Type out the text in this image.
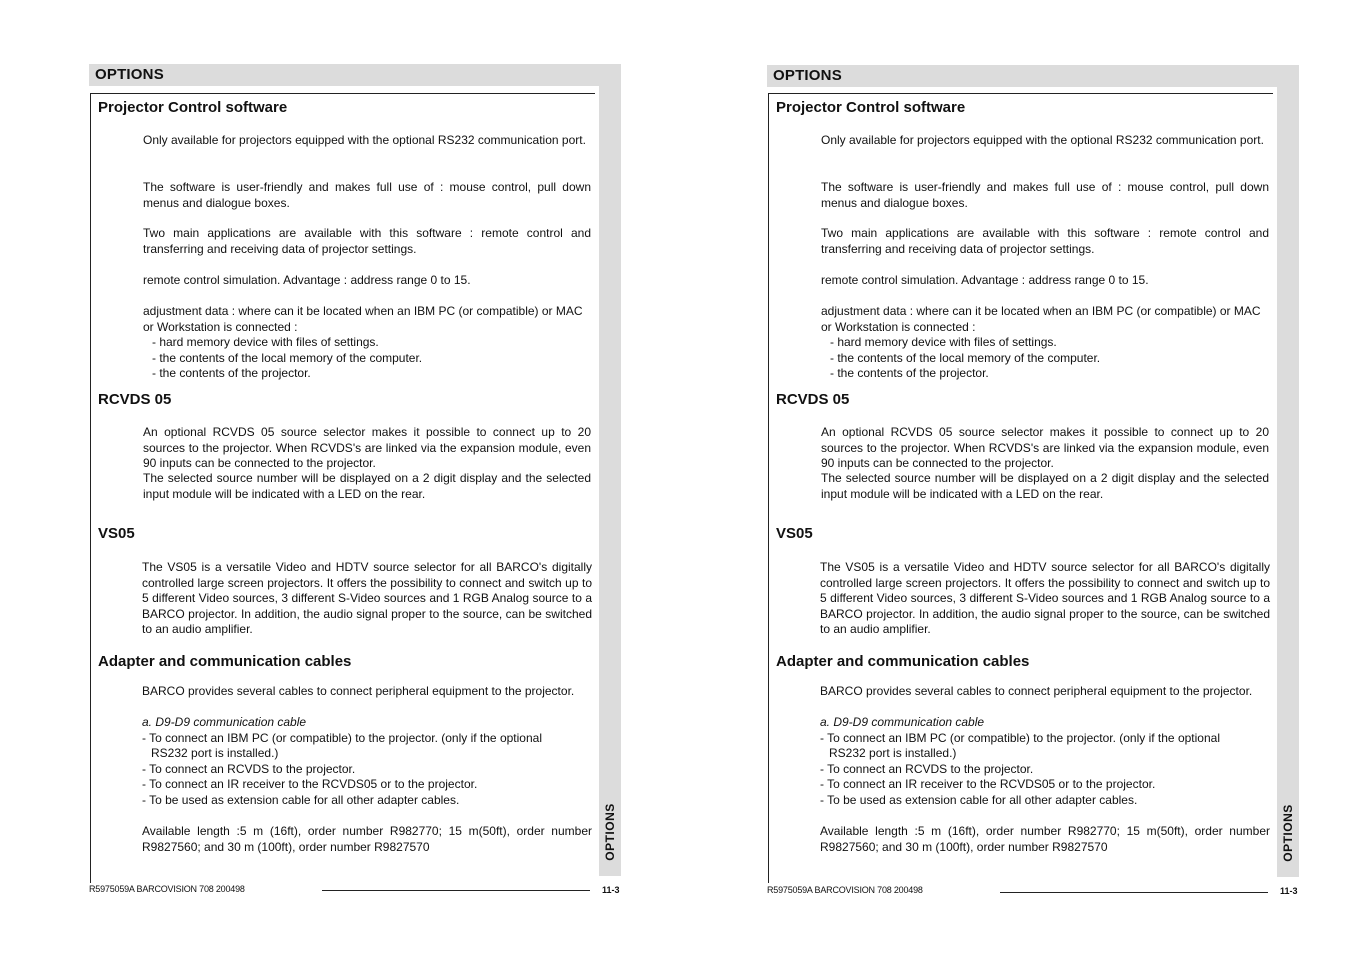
OPTIONS
OPTIONS
Projector Control software
Only available for projectors equipped with the optional RS232 communication port.
The software is user-friendly and makes full use of : mouse control, pull down menus and dialogue boxes.
Two main applications are available with this software : remote control and transferring and receiving data of projector settings.
remote control simulation. Advantage : address range 0 to 15.
adjustment data : where can it be located when an IBM PC (or compatible) or MAC
or Workstation is connected :
- hard memory device with files of settings.
- the contents of the local memory of the computer.
- the contents of the projector.
RCVDS 05
An optional RCVDS 05 source selector makes it possible to connect up to 20 sources to the projector. When RCVDS's are linked via the expansion module, even 90 inputs can be connected to the projector.
The selected source number will be displayed on a 2 digit display and the selected input module will be indicated with a LED on the rear.
VS05
The VS05 is a versatile Video and HDTV source selector for all BARCO's digitally controlled large screen projectors. It offers the possibility to connect and switch up to 5 different Video sources, 3 different S-Video sources and 1 RGB Analog source to a BARCO projector. In addition, the audio signal proper to the source, can be switched to an audio amplifier.
Adapter and communication cables
BARCO provides several cables to connect peripheral equipment to the projector.
a. D9-D9 communication cable
- To connect an IBM PC (or compatible) to the projector. (only if the optional
RS232 port is installed.)
- To connect an RCVDS to the projector.
- To connect an IR receiver to the RCVDS05 or to the projector.
- To be used as extension cable for all other adapter cables.
Available length :5 m (16ft), order number R982770; 15 m(50ft), order number R9827560; and 30 m (100ft), order number R9827570
R5975059A BARCOVISION 708 200498	11-3
OPTIONS
OPTIONS
Projector Control software
Only available for projectors equipped with the optional RS232 communication port.
The software is user-friendly and makes full use of : mouse control, pull down menus and dialogue boxes.
Two main applications are available with this software : remote control and transferring and receiving data of projector settings.
remote control simulation. Advantage : address range 0 to 15.
adjustment data : where can it be located when an IBM PC (or compatible) or MAC
or Workstation is connected :
- hard memory device with files of settings.
- the contents of the local memory of the computer.
- the contents of the projector.
RCVDS 05
An optional RCVDS 05 source selector makes it possible to connect up to 20 sources to the projector. When RCVDS's are linked via the expansion module, even 90 inputs can be connected to the projector.
The selected source number will be displayed on a 2 digit display and the selected input module will be indicated with a LED on the rear.
VS05
The VS05 is a versatile Video and HDTV source selector for all BARCO's digitally controlled large screen projectors. It offers the possibility to connect and switch up to 5 different Video sources, 3 different S-Video sources and 1 RGB Analog source to a BARCO projector. In addition, the audio signal proper to the source, can be switched to an audio amplifier.
Adapter and communication cables
BARCO provides several cables to connect peripheral equipment to the projector.
a. D9-D9 communication cable
- To connect an IBM PC (or compatible) to the projector. (only if the optional
RS232 port is installed.)
- To connect an RCVDS to the projector.
- To connect an IR receiver to the RCVDS05 or to the projector.
- To be used as extension cable for all other adapter cables.
Available length :5 m (16ft), order number R982770; 15 m(50ft), order number R9827560; and 30 m (100ft), order number R9827570
R5975059A BARCOVISION 708 200498	11-3
